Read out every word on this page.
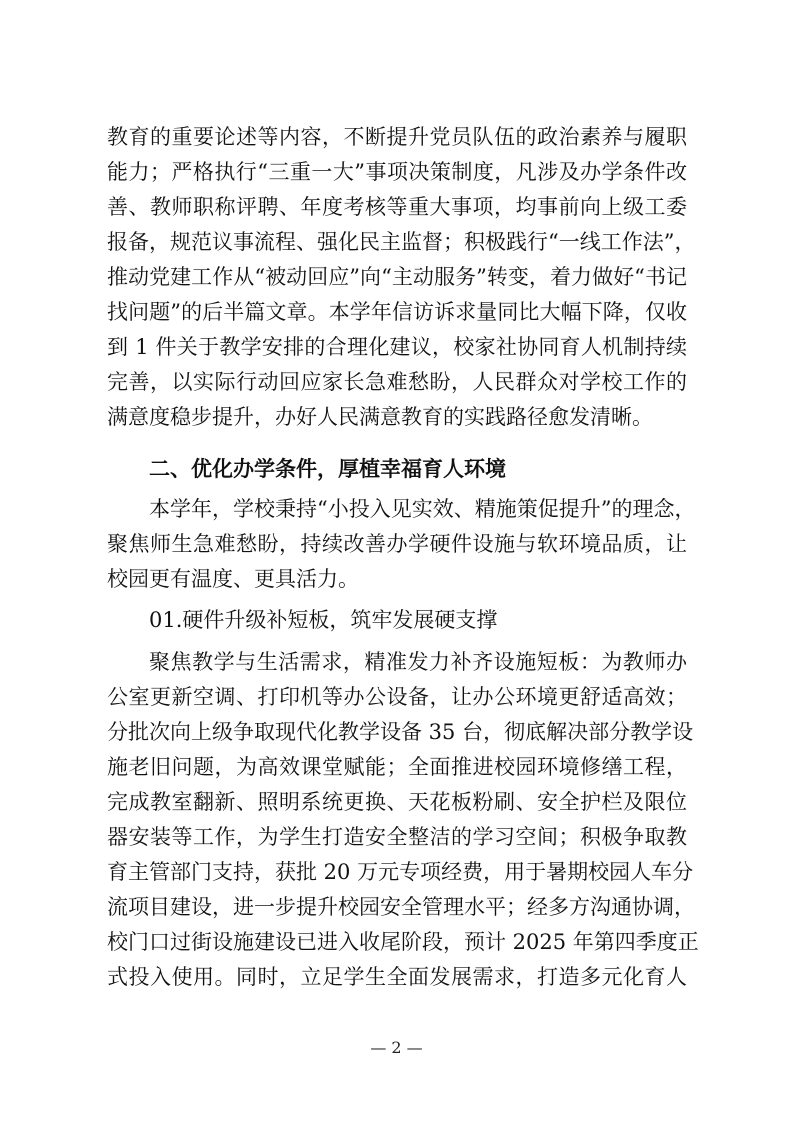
教育的重要论述等内容，不断提升党员队伍的政治素养与履职
能力；严格执行“三重一大”事项决策制度，凡涉及办学条件改
善、教师职称评聘、年度考核等重大事项，均事前向上级工委
报备，规范议事流程、强化民主监督；积极践行“一线工作法”，
推动党建工作从“被动回应”向“主动服务”转变，着力做好“书记
找问题”的后半篇文章。本学年信访诉求量同比大幅下降，仅收
到 1 件关于教学安排的合理化建议，校家社协同育人机制持续
完善，以实际行动回应家长急难愁盼，人民群众对学校工作的
满意度稳步提升，办好人民满意教育的实践路径愈发清晰。
二、优化办学条件，厚植幸福育人环境
本学年，学校秉持“小投入见实效、精施策促提升”的理念，
聚焦师生急难愁盼，持续改善办学硬件设施与软环境品质，让
校园更有温度、更具活力。
01.硬件升级补短板，筑牢发展硬支撑
聚焦教学与生活需求，精准发力补齐设施短板：为教师办
公室更新空调、打印机等办公设备，让办公环境更舒适高效；
分批次向上级争取现代化教学设备 35 台，彻底解决部分教学设
施老旧问题，为高效课堂赋能；全面推进校园环境修缮工程，
完成教室翻新、照明系统更换、天花板粉刷、安全护栏及限位
器安装等工作，为学生打造安全整洁的学习空间；积极争取教
育主管部门支持，获批 20 万元专项经费，用于暑期校园人车分
流项目建设，进一步提升校园安全管理水平；经多方沟通协调，
校门口过街设施建设已进入收尾阶段，预计 2025 年第四季度正
式投入使用。同时，立足学生全面发展需求，打造多元化育人
— 2 —
